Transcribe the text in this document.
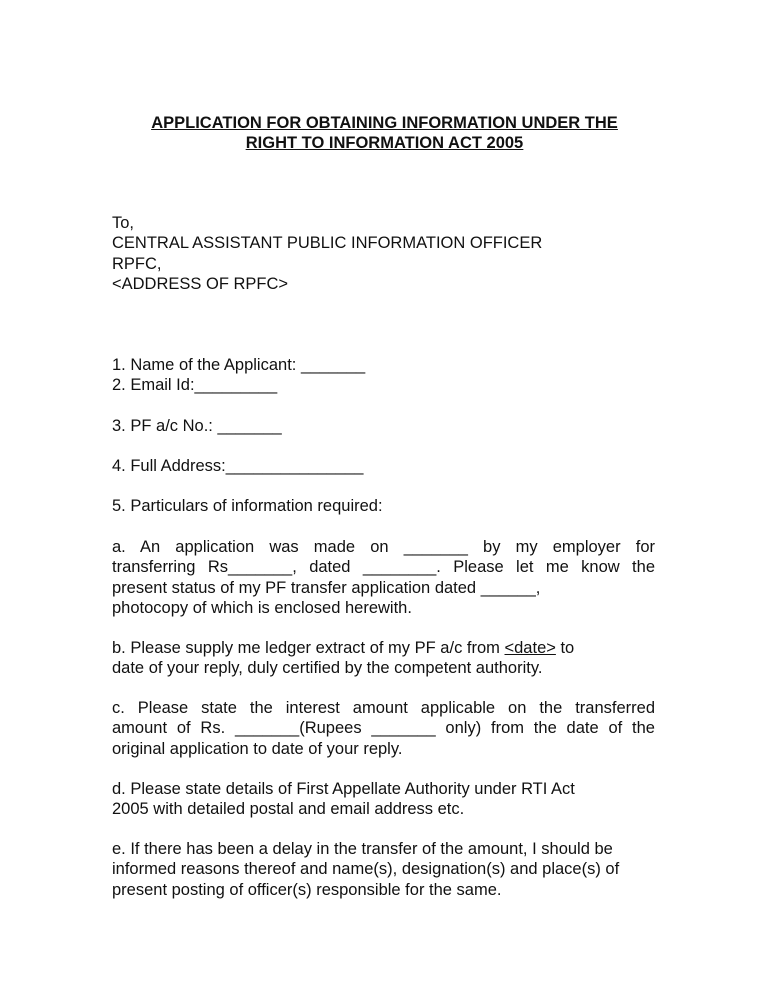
APPLICATION FOR OBTAINING INFORMATION UNDER THE
RIGHT TO INFORMATION ACT 2005
To,
CENTRAL ASSISTANT PUBLIC INFORMATION OFFICER
RPFC,
<ADDRESS OF RPFC>
1. Name of the Applicant: _______
2. Email Id:_________
3. PF a/c No.: _______
4. Full Address:_______________
5. Particulars of information required:
a. An application was made on _______ by my employer for
transferring Rs_______, dated ________. Please let me know the
present status of my PF transfer application dated ______,
photocopy of which is enclosed herewith.
b. Please supply me ledger extract of my PF a/c from <date> to
date of your reply, duly certified by the competent authority.
c. Please state the interest amount applicable on the transferred
amount of Rs. _______(Rupees _______ only) from the date of the
original application to date of your reply.
d. Please state details of First Appellate Authority under RTI Act
2005 with detailed postal and email address etc.
e. If there has been a delay in the transfer of the amount, I should be
informed reasons thereof and name(s), designation(s) and place(s) of
present posting of officer(s) responsible for the same.
